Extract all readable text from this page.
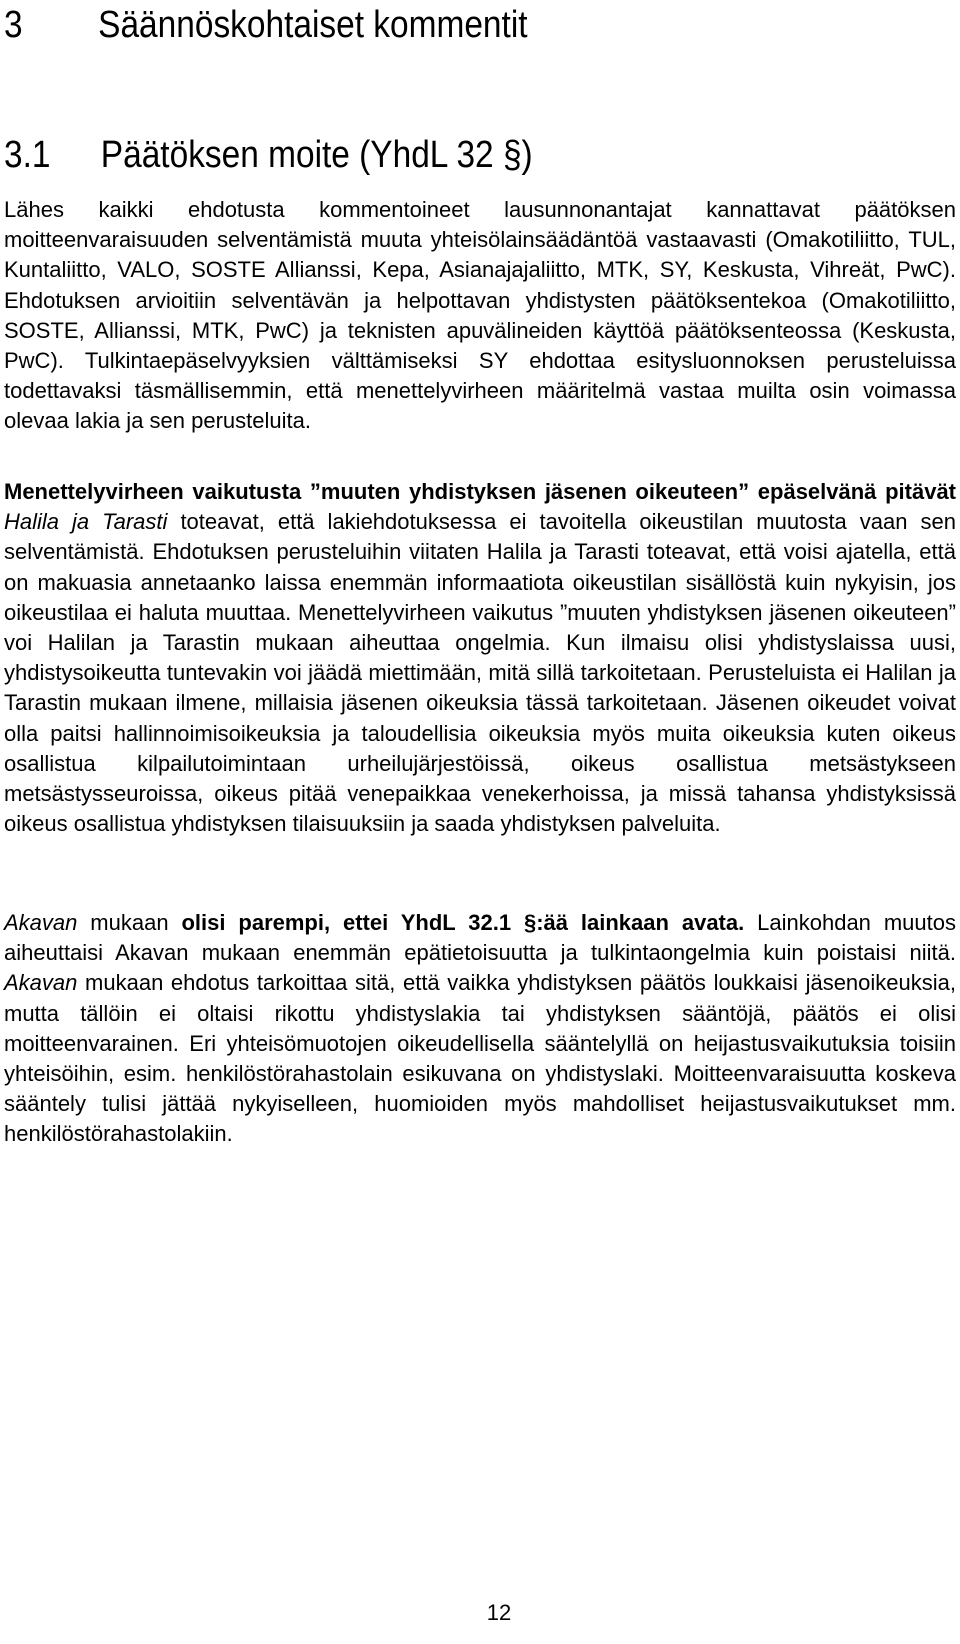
3 Säännöskohtaiset kommentit
3.1 Päätöksen moite (YhdL 32 §)

Lähes kaikki ehdotusta kommentoineet lausunnonantajat kannattavat päätöksen moitteenvaraisuuden selventämistä muuta yhteisölainsäädäntöä vastaavasti (Omakotiliitto, TUL, Kuntaliitto, VALO, SOSTE Allianssi, Kepa, Asianajajaliitto, MTK, SY, Keskusta, Vihreät, PwC). Ehdotuksen arvioitiin selventävän ja helpottavan yhdistysten päätöksentekoa (Omakotiliitto, SOSTE, Allianssi, MTK, PwC) ja teknisten apuvälineiden käyttöä päätöksenteossa (Keskusta, PwC). Tulkintaepäselvyyksien välttämiseksi SY ehdottaa esitysluonnoksen perusteluissa todettavaksi täsmällisemmin, että menettelyvirheen määritelmä vastaa muilta osin voimassa olevaa lakia ja sen perusteluita.

Menettelyvirheen vaikutusta ”muuten yhdistyksen jäsenen oikeuteen” epäselvänä pitävät Halila ja Tarasti toteavat, että lakiehdotuksessa ei tavoitella oikeustilan muutosta vaan sen selventämistä. Ehdotuksen perusteluihin viitaten Halila ja Tarasti toteavat, että voisi ajatella, että on makuasia annetaanko laissa enemmän informaatiota oikeustilan sisällöstä kuin nykyisin, jos oikeustilaa ei haluta muuttaa. Menettelyvirheen vaikutus ”muuten yhdistyksen jäsenen oikeuteen” voi Halilan ja Tarastin mukaan aiheuttaa ongelmia. Kun ilmaisu olisi yhdistyslaissa uusi, yhdistysoikeutta tuntevakin voi jäädä miettimään, mitä sillä tarkoitetaan. Perusteluista ei Halilan ja Tarastin mukaan ilmene, millaisia jäsenen oikeuksia tässä tarkoitetaan. Jäsenen oikeudet voivat olla paitsi hallinnoimisoikeuksia ja taloudellisia oikeuksia myös muita oikeuksia kuten oikeus osallistua kilpailutoimintaan urheilujärjestöissä, oikeus osallistua metsästykseen metsästysseuroissa, oikeus pitää venepaikkaa venekerhoissa, ja missä tahansa yhdistyksissä oikeus osallistua yhdistyksen tilaisuuksiin ja saada yhdistyksen palveluita.

Akavan mukaan olisi parempi, ettei YhdL 32.1 §:ää lainkaan avata. Lainkohdan muutos aiheuttaisi Akavan mukaan enemmän epätietoisuutta ja tulkintaongelmia kuin poistaisi niitä. Akavan mukaan ehdotus tarkoittaa sitä, että vaikka yhdistyksen päätös loukkaisi jäsenoikeuksia, mutta tällöin ei oltaisi rikottu yhdistyslakia tai yhdistyksen sääntöjä, päätös ei olisi moitteenvarainen. Eri yhteisömuotojen oikeudellisella sääntelyllä on heijastusvaikutuksia toisiin yhteisöihin, esim. henkilöstörahastolain esikuvana on yhdistyslaki. Moitteenvaraisuutta koskeva sääntely tulisi jättää nykyiselleen, huomioiden myös mahdolliset heijastusvaikutukset mm. henkilöstörahastolakiin.

12
